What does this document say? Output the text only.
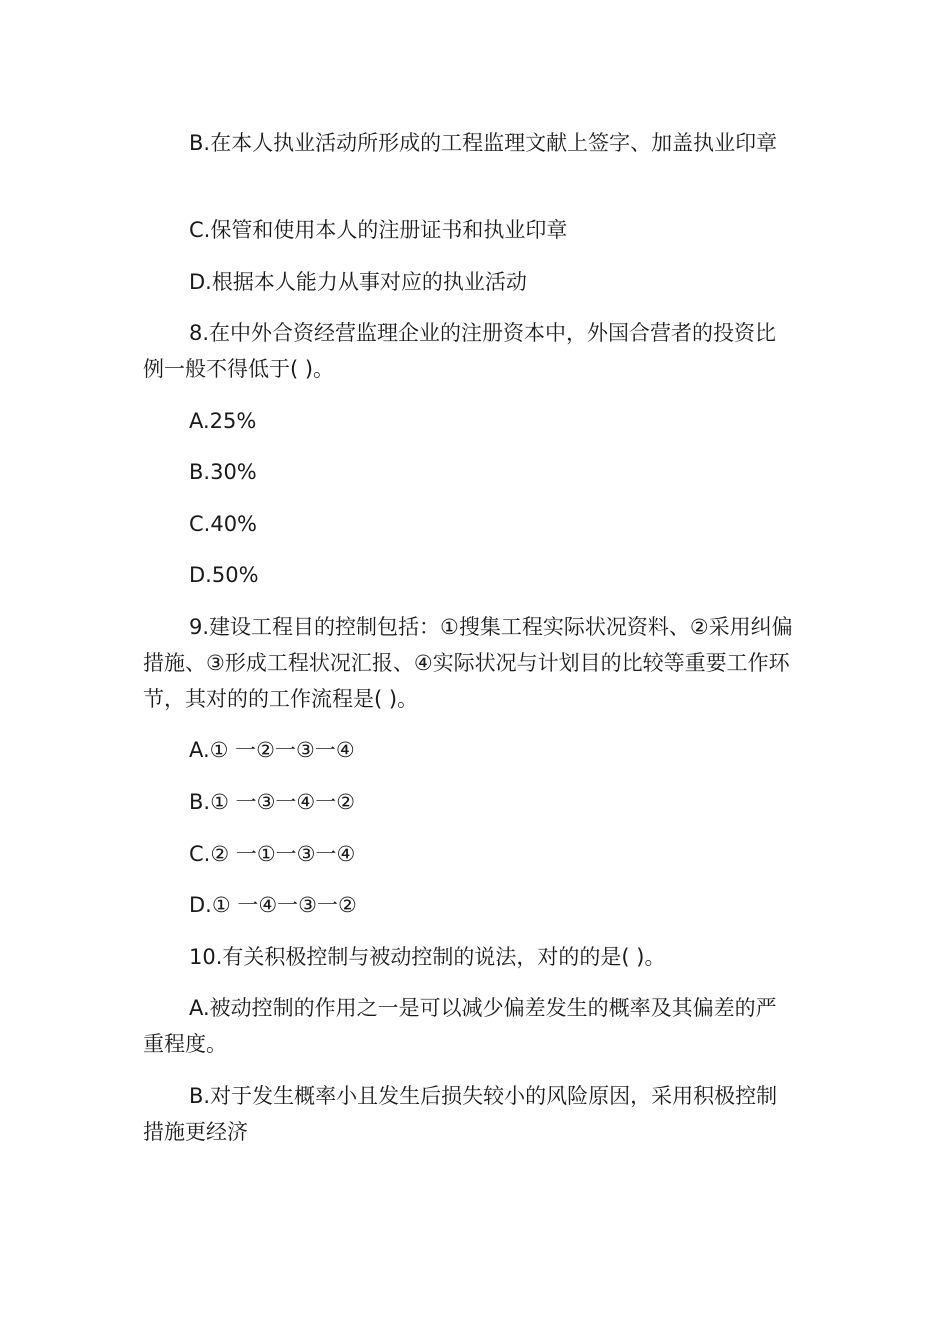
B.在本人执业活动所形成的工程监理文献上签字、加盖执业印章

C.保管和使用本人的注册证书和执业印章

D.根据本人能力从事对应的执业活动

8.在中外合资经营监理企业的注册资本中，外国合营者的投资比例一般不得低于( )。

A.25%

B.30%

C.40%

D.50%

9.建设工程目的控制包括：①搜集工程实际状况资料、②采用纠偏措施、③形成工程状况汇报、④实际状况与计划目的比较等重要工作环节，其对的的工作流程是( )。

A.① 一②一③一④

B.① 一③一④一②

C.② 一①一③一④

D.① 一④一③一②

10.有关积极控制与被动控制的说法，对的的是( )。

A.被动控制的作用之一是可以减少偏差发生的概率及其偏差的严重程度。

B.对于发生概率小且发生后损失较小的风险原因，采用积极控制措施更经济
